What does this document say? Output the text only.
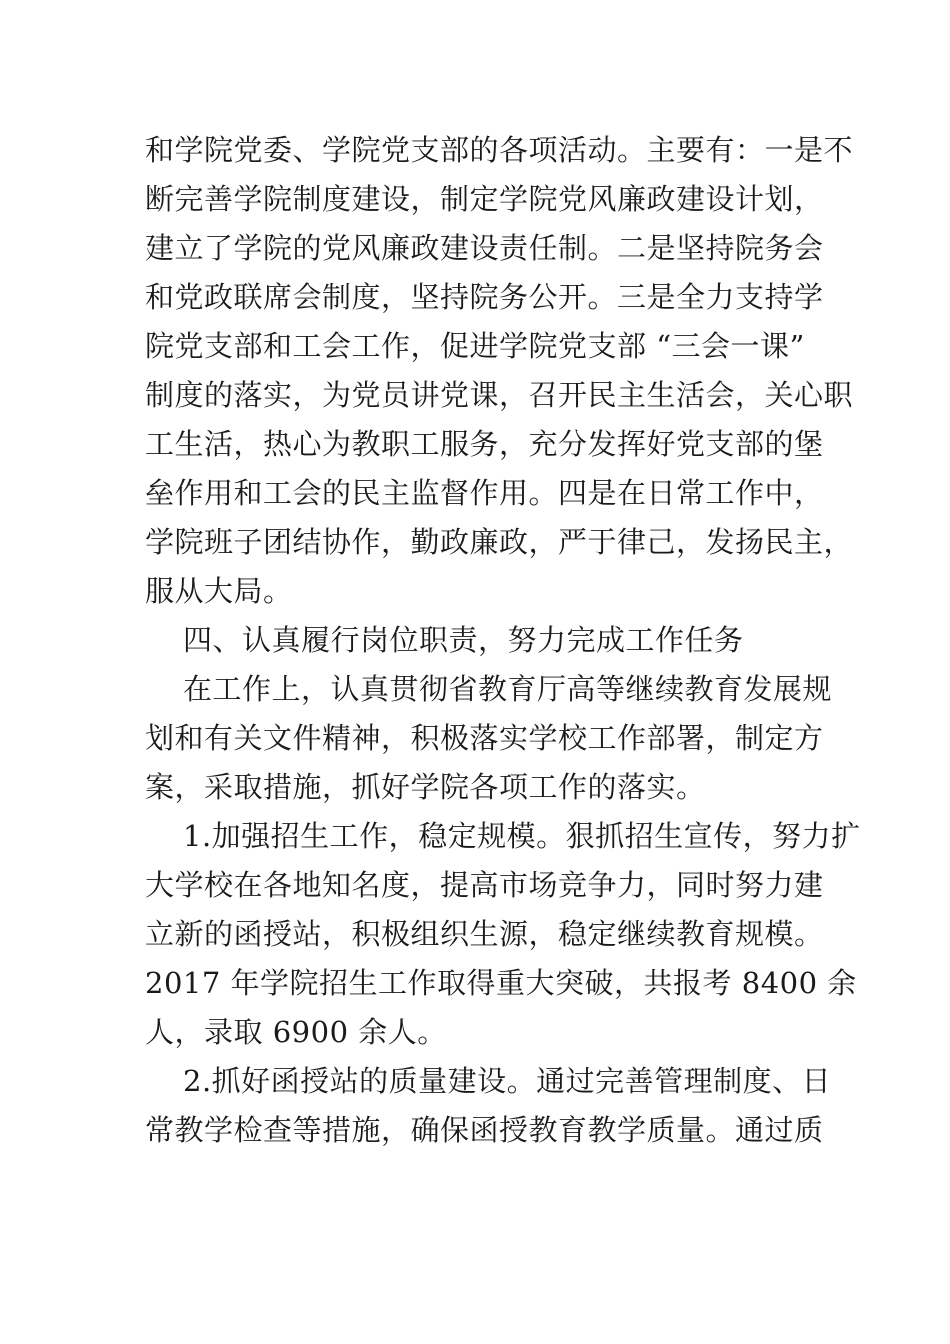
和学院党委、学院党支部的各项活动。主要有：一是不
断完善学院制度建设，制定学院党风廉政建设计划，
建立了学院的党风廉政建设责任制。二是坚持院务会
和党政联席会制度，坚持院务公开。三是全力支持学
院党支部和工会工作，促进学院党支部 “三会一课”
制度的落实，为党员讲党课，召开民主生活会，关心职
工生活，热心为教职工服务，充分发挥好党支部的堡
垒作用和工会的民主监督作用。四是在日常工作中，
学院班子团结协作，勤政廉政，严于律己，发扬民主，
服从大局。
四、认真履行岗位职责，努力完成工作任务
在工作上，认真贯彻省教育厅高等继续教育发展规
划和有关文件精神，积极落实学校工作部署，制定方
案，采取措施，抓好学院各项工作的落实。
1.加强招生工作，稳定规模。狠抓招生宣传，努力扩
大学校在各地知名度，提高市场竞争力，同时努力建
立新的函授站，积极组织生源，稳定继续教育规模。
2017 年学院招生工作取得重大突破，共报考 8400 余
人，录取 6900 余人。
2.抓好函授站的质量建设。通过完善管理制度、日
常教学检查等措施，确保函授教育教学质量。通过质
